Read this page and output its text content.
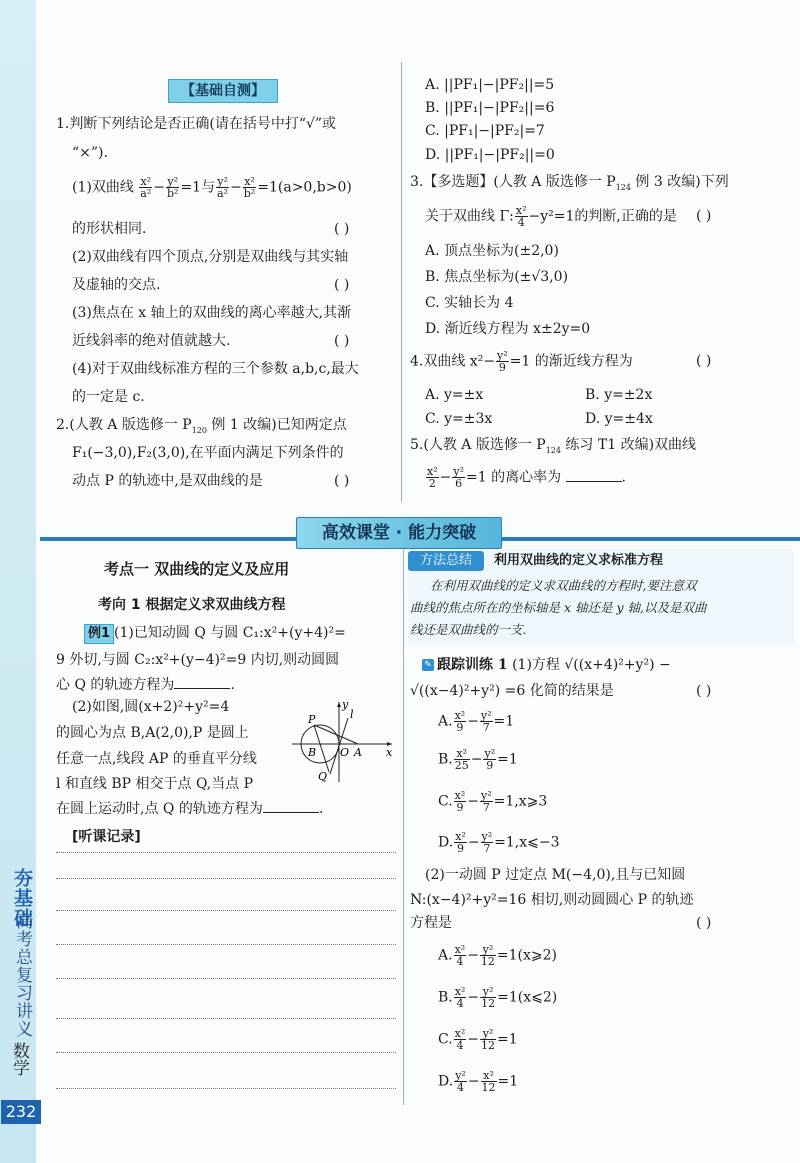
夯基础
高考总复习讲义
数学
232
【基础自测】
1.判断下列结论是否正确(请在括号中打“√”或
“×”).
(1)双曲线 $\frac{\text{x²}}{\text{a²}} - \frac{\text{y²}}{\text{b²}} =1$与 $\frac{\text{y²}}{\text{a²}} - \frac{\text{x²}}{\text{b²}} =1(a>0,b>0)$
的形状相同.	( )
(2)双曲线有四个顶点,分别是双曲线与其实轴
及虚轴的交点.	( )
(3)焦点在 x 轴上的双曲线的离心率越大,其渐
近线斜率的绝对值就越大.	( )
(4)对于双曲线标准方程的三个参数 a,b,c,最大
的一定是 c.
2.(人教 A 版选修一 $P_{120}$ 例 1 改编)已知两定点
F₁(−3,0),F₂(3,0),在平面内满足下列条件的
动点 P 的轨迹中,是双曲线的是	( )
A. ||PF₁|−|PF₂||=5
B. ||PF₁|−|PF₂||=6
C. |PF₁|−|PF₂|=7
D. ||PF₁|−|PF₂||=0
3.【多选题】(人教 A 版选修一 $P_{124}$ 例 3 改编)下列
关于双曲线 Γ: $\frac{\text{x²}}{4} -y^2=1$的判断,正确的是 ( )
A. 顶点坐标为(±2,0)
B. 焦点坐标为(±√3,0)
C. 实轴长为 4
D. 渐近线方程为 x±2y=0
4.双曲线 $x^2- \frac{\text{y²}}{9} =1$ 的渐近线方程为	( )
A. y=±x	B. y=±2x
C. y=±3x	D. y=±4x
5.(人教 A 版选修一 $P_{124}$ 练习 T1 改编)双曲线
$\frac{\text{x²}}{2} - \frac{\text{y²}}{6} =1$ 的离心率为	.
高效课堂 · 能力突破
考点一 双曲线的定义及应用
考向 1 根据定义求双曲线方程
例1 (1)已知动圆 Q 与圆 C₁:x²+(y+4)²=
9 外切,与圆 C₂:x²+(y−4)²=9 内切,则动圆圆
心 Q 的轨迹方程为	.
(2)如图,圆(x+2)²+y²=4
的圆心为点 B,A(2,0),P 是圆上
任意一点,线段 AP 的垂直平分线
l 和直线 BP 相交于点 Q,当点 P
在圆上运动时,点 Q 的轨迹方程为	.
P	l
y
B O A x
Q
[听课记录]
方法总结	利用双曲线的定义求标准方程
在利用双曲线的定义求双曲线的方程时,要注意双
曲线的焦点所在的坐标轴是 x 轴还是 y 轴,以及是双曲
线还是双曲线的一支.
✎ 跟踪训练 1 (1)方程 √((x+4)²+y²) −
√((x−4)²+y²) =6 化简的结果是	( )
A. $\frac{\text{x²}}{9} - \frac{\text{y²}}{7} =1$
B. $\frac{\text{x²}}{25} - \frac{\text{y²}}{9} =1$
C. $\frac{\text{x²}}{9} - \frac{\text{y²}}{7}$ =1,x⩾3
D. $\frac{\text{x²}}{9} - \frac{\text{y²}}{7}$ =1,x⩽−3
(2)一动圆 P 过定点 M(−4,0),且与已知圆
N:(x−4)²+y²=16 相切,则动圆圆心 P 的轨迹
方程是	( )
A. $\frac{\text{x²}}{4} - \frac{\text{y²}}{12}$ =1(x⩾2)
B. $\frac{\text{x²}}{4} - \frac{\text{y²}}{12}$ =1(x⩽2)
C. $\frac{\text{x²}}{4} - \frac{\text{y²}}{12} =1$
D. $\frac{\text{y²}}{4} - \frac{\text{x²}}{12} =1$
